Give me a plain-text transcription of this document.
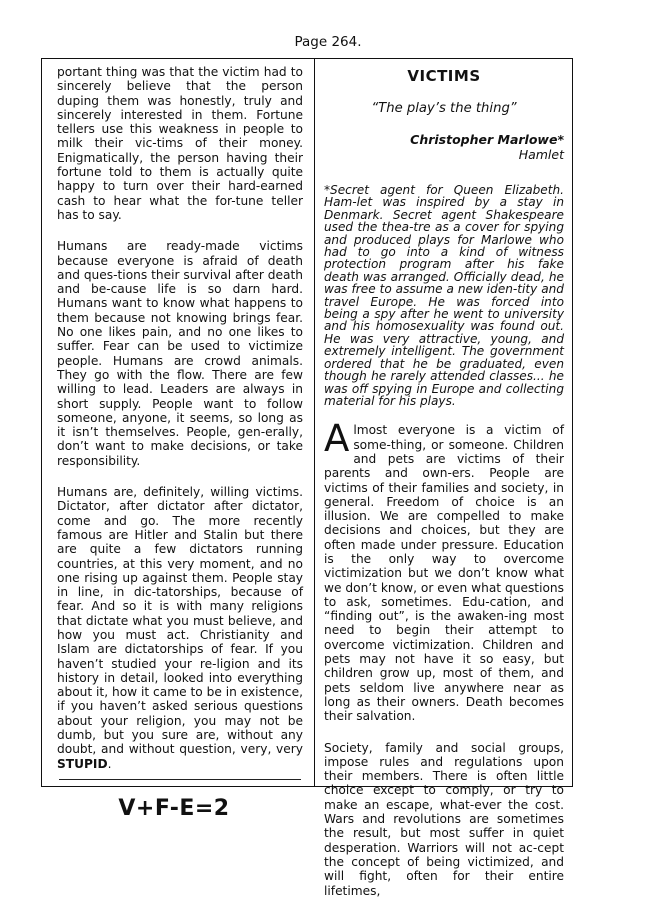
Page 264.

portant thing was that the victim had to sincerely believe that the person duping them was honestly, truly and sincerely interested in them. Fortune tellers use this weakness in people to milk their vic-tims of their money. Enigmatically, the person having their fortune told to them is actually quite happy to turn over their hard-earned cash to hear what the for-tune teller has to say.

Humans are ready-made victims because everyone is afraid of death and ques-tions their survival after death and be-cause life is so darn hard. Humans want to know what happens to them because not knowing brings fear. No one likes pain, and no one likes to suffer. Fear can be used to victimize people. Humans are crowd animals. They go with the flow. There are few willing to lead. Leaders are always in short supply. People want to follow someone, anyone, it seems, so long as it isn’t themselves. People, gen-erally, don’t want to make decisions, or take responsibility.

Humans are, definitely, willing victims. Dictator, after dictator after dictator, come and go. The more recently famous are Hitler and Stalin but there are quite a few dictators running countries, at this very moment, and no one rising up against them. People stay in line, in dic-tatorships, because of fear. And so it is with many religions that dictate what you must believe, and how you must act. Christianity and Islam are dictatorships of fear. If you haven’t studied your re-ligion and its history in detail, looked into everything about it, how it came to be in existence, if you haven’t asked serious questions about your religion, you may not be dumb, but you sure are, without any doubt, and without question, very, very STUPID.

V+F-E=2
VICTIMS
“The play’s the thing”
Christopher Marlowe*
Hamlet

*Secret agent for Queen Elizabeth. Ham-let was inspired by a stay in Denmark. Secret agent Shakespeare used the thea-tre as a cover for spying and produced plays for Marlowe who had to go into a kind of witness protection program after his fake death was arranged. Officially dead, he was free to assume a new iden-tity and travel Europe. He was forced into being a spy after he went to university and his homosexuality was found out. He was very attractive, young, and extremely intelligent. The government ordered that he be graduated, even though he rarely attended classes... he was off spying in Europe and collecting material for his plays.

Almost everyone is a victim of some-thing, or someone. Children and pets are victims of their parents and own-ers. People are victims of their families and society, in general. Freedom of choice is an illusion. We are compelled to make decisions and choices, but they are often made under pressure. Education is the only way to overcome victimization but we don’t know what we don’t know, or even what questions to ask, sometimes. Edu-cation, and “finding out”, is the awaken-ing most need to begin their attempt to overcome victimization. Children and pets may not have it so easy, but children grow up, most of them, and pets seldom live anywhere near as long as their owners. Death becomes their salvation.

Society, family and social groups, impose rules and regulations upon their members. There is often little choice except to comply, or try to make an escape, what-ever the cost. Wars and revolutions are sometimes the result, but most suffer in quiet desperation. Warriors will not ac-cept the concept of being victimized, and will fight, often for their entire lifetimes,
